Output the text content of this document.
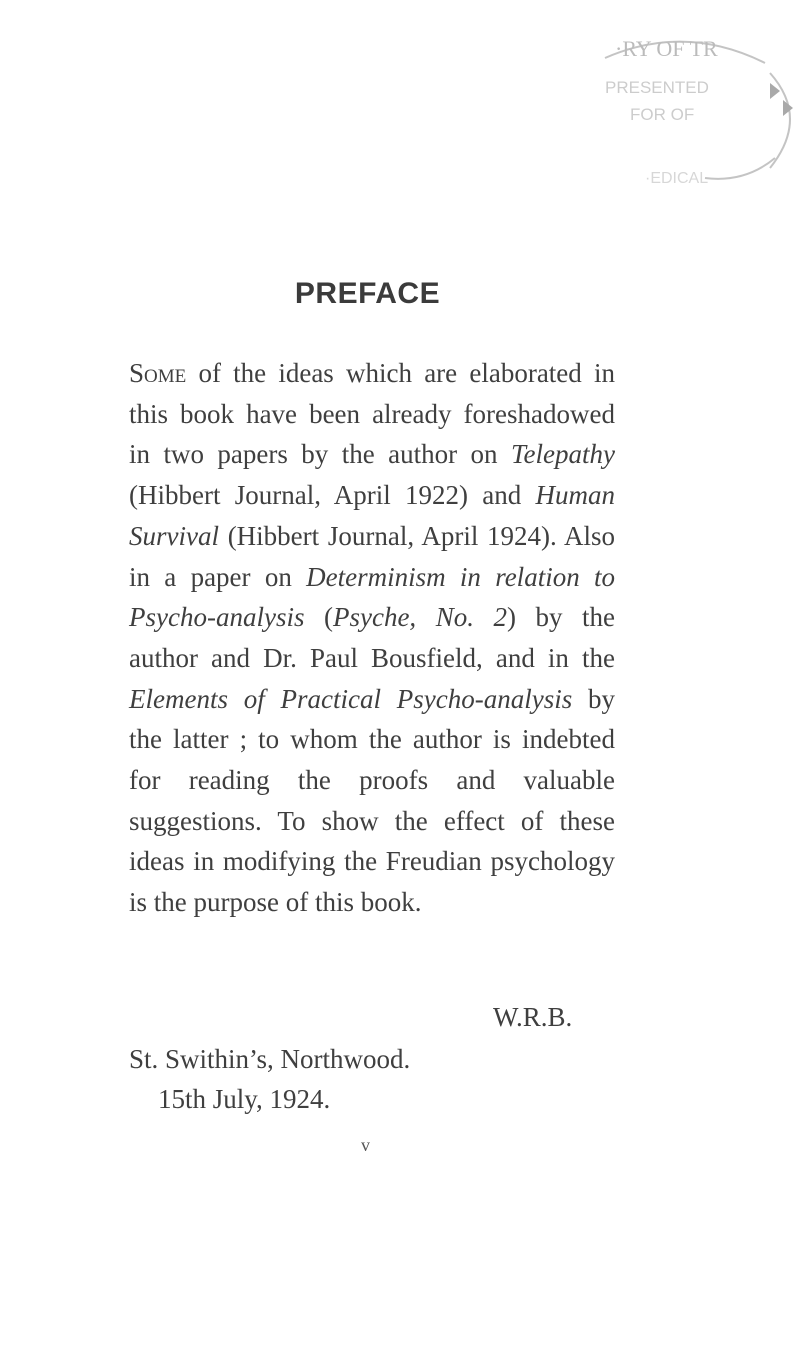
·RY OF TR
PRESENTED
FOR OF
·EDICAL
PREFACE

Some of the ideas which are elaborated in this book have been already foreshadowed in two papers by the author on Telepathy (Hibbert Journal, April 1922) and Human Survival (Hibbert Journal, April 1924). Also in a paper on Determinism in relation to Psycho-analysis (Psyche, No. 2) by the author and Dr. Paul Bousfield, and in the Elements of Practical Psycho-analysis by the latter ; to whom the author is indebted for reading the proofs and valuable suggestions. To show the effect of these ideas in modifying the Freudian psychology is the purpose of this book.

W.R.B.

St. Swithin’s, Northwood.

15th July, 1924.

v
